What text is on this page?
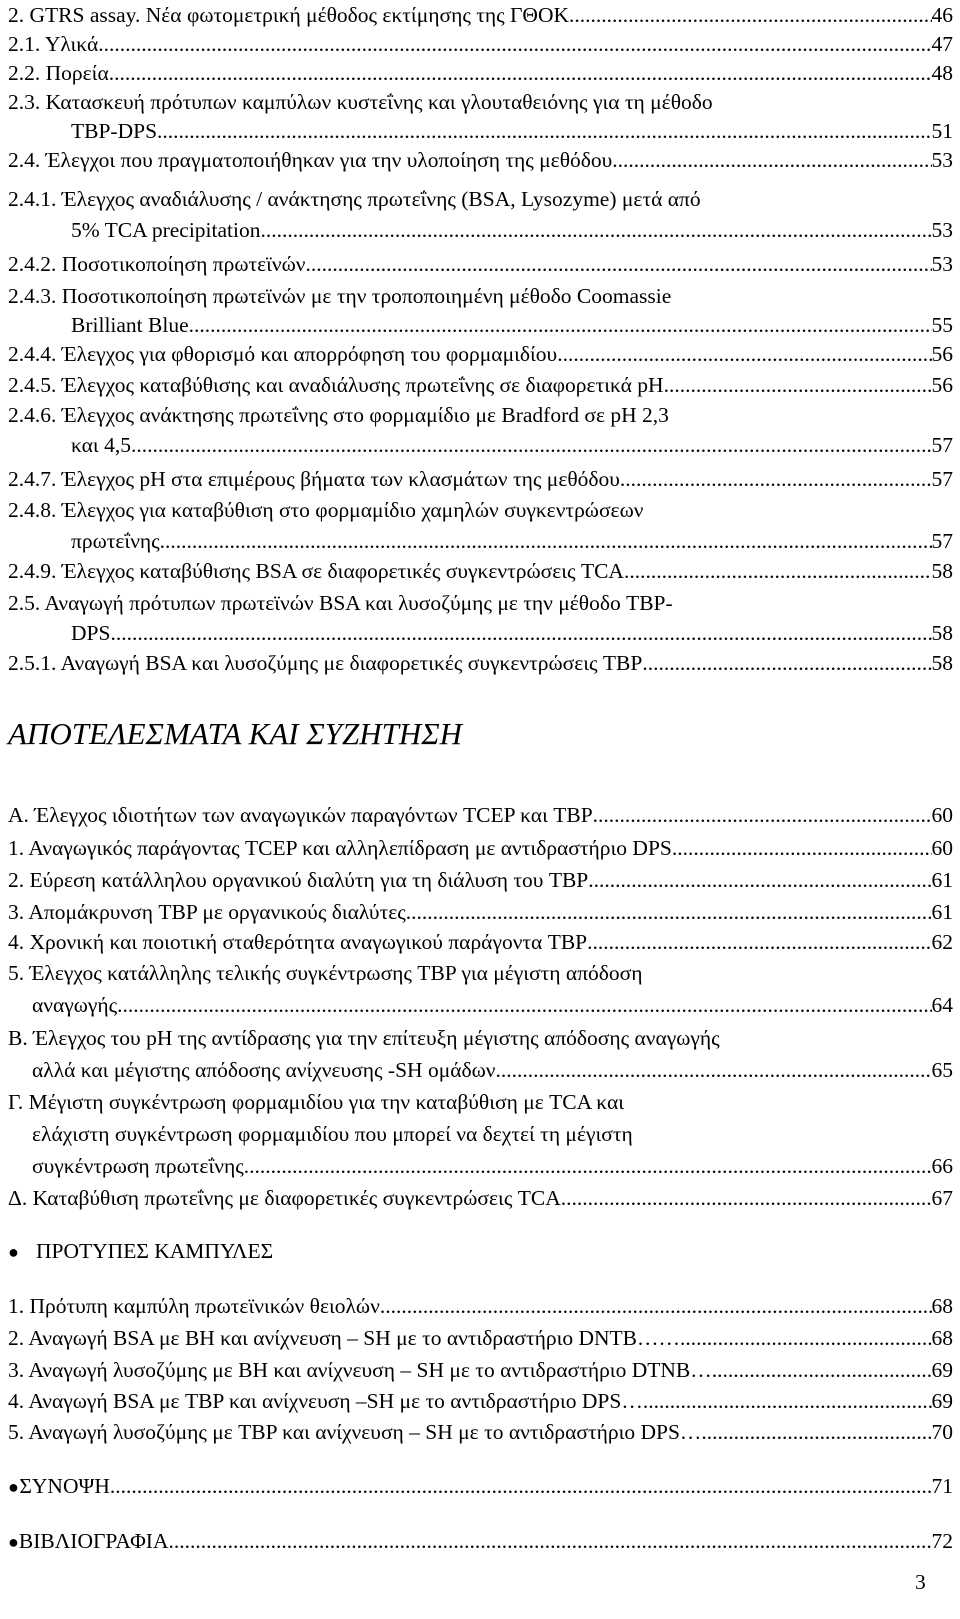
2. GTRS assay. Νέα φωτομετρική μέθοδος εκτίμησης της ΓΘΟΚ .....	46
2.1. Υλικά .....	47
2.2. Πορεία .....	48
2.3. Κατασκευή πρότυπων καμπύλων κυστεΐνης και γλουταθειόνης για τη μέθοδο
TBP-DPS .....	51
2.4. Έλεγχοι που πραγματοποιήθηκαν για την υλοποίηση της μεθόδου .....	53
2.4.1. Έλεγχος αναδιάλυσης / ανάκτησης πρωτεΐνης (BSA, Lysozyme) μετά από
5% TCA precipitation .....	53
2.4.2. Ποσοτικοποίηση πρωτεϊνών .....	53
2.4.3. Ποσοτικοποίηση πρωτεϊνών με την τροποποιημένη μέθοδο Coomassie
Brilliant Blue .....	55
2.4.4. Έλεγχος για φθορισμό και απορρόφηση του φορμαμιδίου .....	56
2.4.5. Έλεγχος καταβύθισης και αναδιάλυσης πρωτεΐνης σε διαφορετικά pH .....	56
2.4.6. Έλεγχος ανάκτησης πρωτεΐνης στο φορμαμίδιο με Bradford σε pH 2,3
και 4,5 .....	57
2.4.7. Έλεγχος pH στα επιμέρους βήματα των κλασμάτων της μεθόδου .....	57
2.4.8. Έλεγχος για καταβύθιση στο φορμαμίδιο χαμηλών συγκεντρώσεων
πρωτεΐνης .....	57
2.4.9. Έλεγχος καταβύθισης BSA σε διαφορετικές συγκεντρώσεις TCA .....	58
2.5. Αναγωγή πρότυπων πρωτεϊνών BSA και λυσοζύμης με την μέθοδο TBP-
DPS .....	58
2.5.1. Αναγωγή BSA και λυσοζύμης με διαφορετικές συγκεντρώσεις TBP .....	58
ΑΠΟΤΕΛΕΣΜΑΤΑ ΚΑΙ ΣΥΖΗΤΗΣΗ
A. Έλεγχος ιδιοτήτων των αναγωγικών παραγόντων TCEP και TBP .....	60
1. Αναγωγικός παράγοντας TCEP και αλληλεπίδραση με αντιδραστήριο DPS .....	60
2. Εύρεση κατάλληλου οργανικού διαλύτη για τη διάλυση του TBP .....	61
3. Απομάκρυνση TBP με οργανικούς διαλύτες .....	61
4. Χρονική και ποιοτική σταθερότητα αναγωγικού παράγοντα TBP .....	62
5. Έλεγχος κατάλληλης τελικής συγκέντρωσης TBP για μέγιστη απόδοση
αναγωγής .....	64
B. Έλεγχος του pH της αντίδρασης για την επίτευξη μέγιστης απόδοσης αναγωγής
αλλά και μέγιστης απόδοσης ανίχνευσης -SH ομάδων .....	65
Γ. Μέγιστη συγκέντρωση φορμαμιδίου για την καταβύθιση με TCA και
ελάχιστη συγκέντρωση φορμαμιδίου που μπορεί να δεχτεί τη μέγιστη
συγκέντρωση πρωτεΐνης .....	66
Δ. Καταβύθιση πρωτεΐνης με διαφορετικές συγκεντρώσεις TCA .....	67
● ΠΡΟΤΥΠΕΣ ΚΑΜΠΥΛΕΣ
1. Πρότυπη καμπύλη πρωτεϊνικών θειολών .....	68
2. Αναγωγή BSA με BH και ανίχνευση – SH με το αντιδραστήριο DNTB…… .....	68
3. Αναγωγή λυσοζύμης με BH και ανίχνευση – SH με το αντιδραστήριο DTNB….. .....	69
4. Αναγωγή BSA με TBP και ανίχνευση –SH με το αντιδραστήριο DPS… .....	69
5. Αναγωγή λυσοζύμης με TBP και ανίχνευση – SH με το αντιδραστήριο DPS… .....	70
● ΣΥΝΟΨΗ .....	71
● ΒΙΒΛΙΟΓΡΑΦΙΑ .....	72
3
